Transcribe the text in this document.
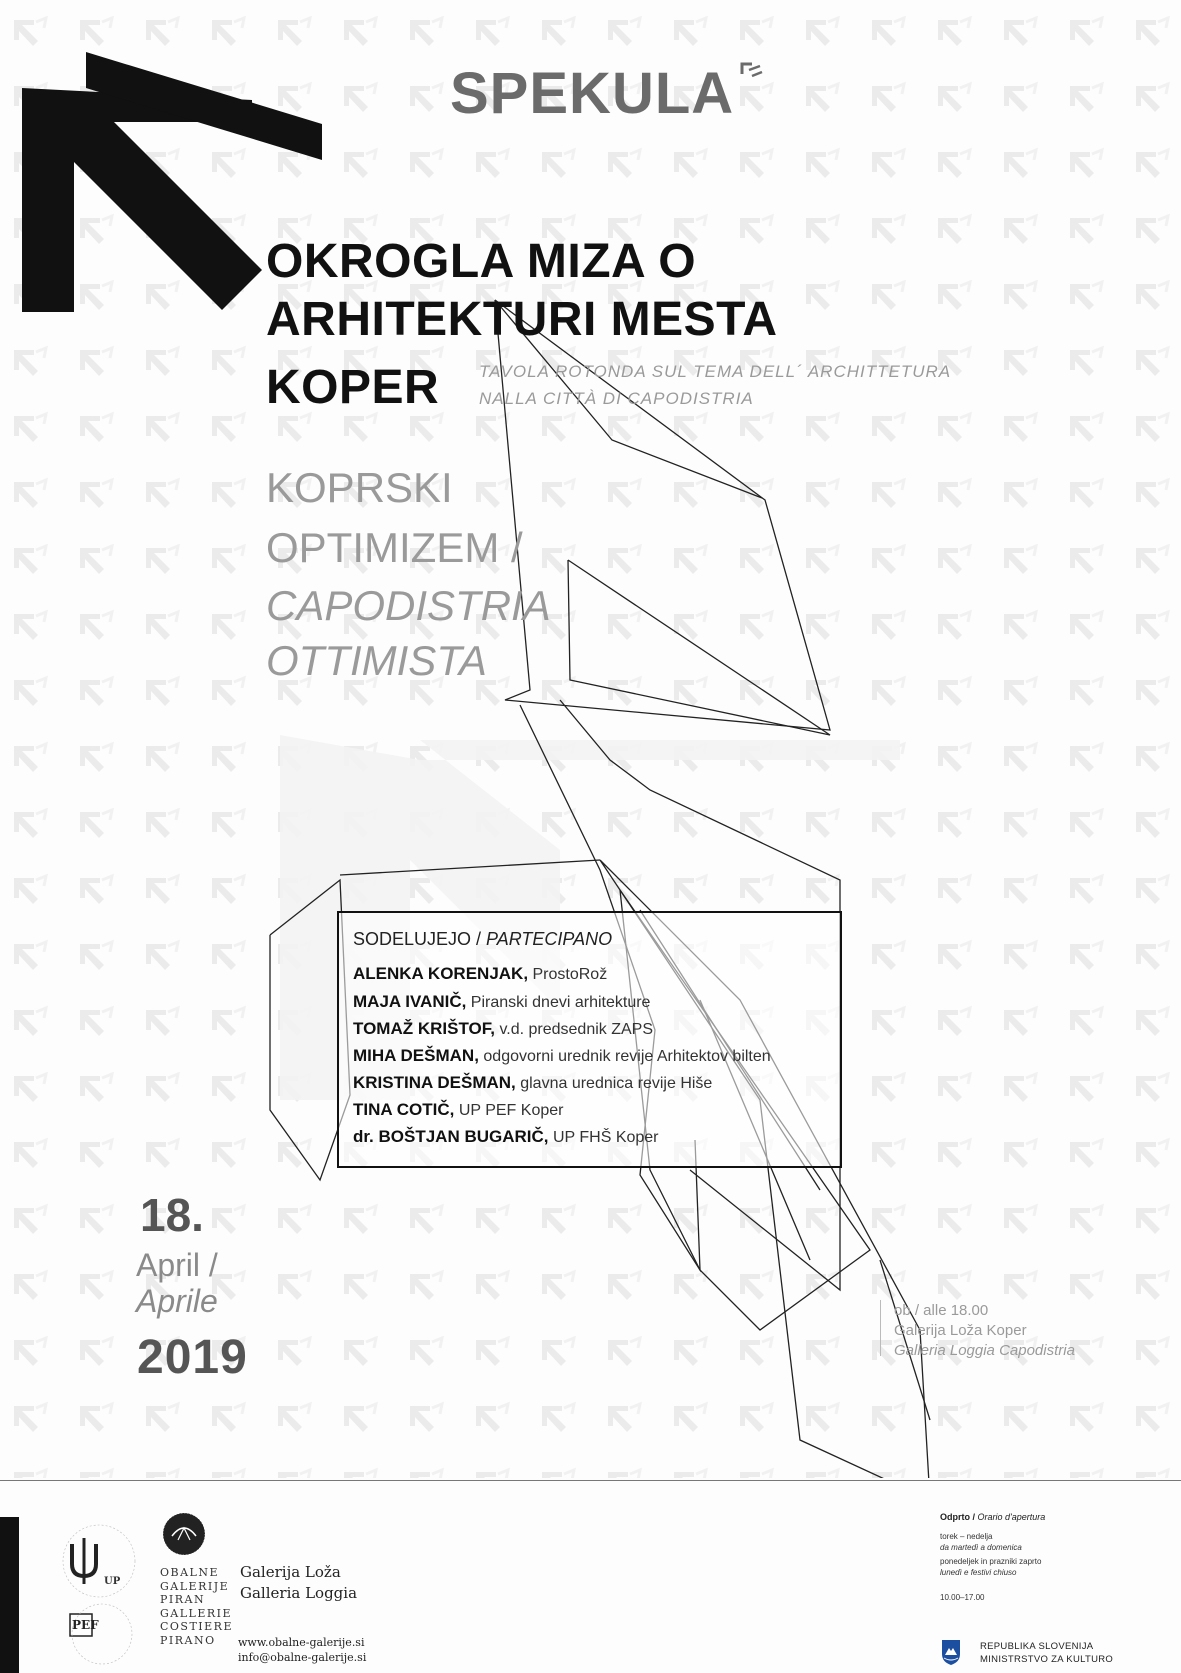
SPEKULA
OKROGLA MIZA O
ARHITEKTURI MESTA
KOPER TAVOLA ROTONDA SUL TEMA DELL´ ARCHITTETURA
NALLA CITTÀ DI CAPODISTRIA
KOPRSKI
OPTIMIZEM /
CAPODISTRIA
OTTIMISTA
SODELUJEJO / PARTECIPANO
ALENKA KORENJAK, ProstoRož
MAJA IVANIČ, Piranski dnevi arhitekture
TOMAŽ KRIŠTOF, v.d. predsednik ZAPS
MIHA DEŠMAN, odgovorni urednik revije Arhitektov bilten
KRISTINA DEŠMAN, glavna urednica revije Hiše
TINA COTIČ, UP PEF Koper
dr. BOŠTJAN BUGARIČ, UP FHŠ Koper
18.
April /
Aprile
2019
ob / alle 18.00
Galerija Loža Koper
Galleria Loggia Capodistria
UP
PEF
OBALNE
GALERIJE
PIRAN
GALLERIE
COSTIERE
PIRANO
Galerija Loža
Galleria Loggia
www.obalne-galerije.si
info@obalne-galerije.si
Odprto / Orario d'apertura
torek – nedelja
da martedì a domenica
ponedeljek in prazniki zaprto
lunedì e festivi chiuso
10.00–17.00
REPUBLIKA SLOVENIJA
MINISTRSTVO ZA KULTURO
